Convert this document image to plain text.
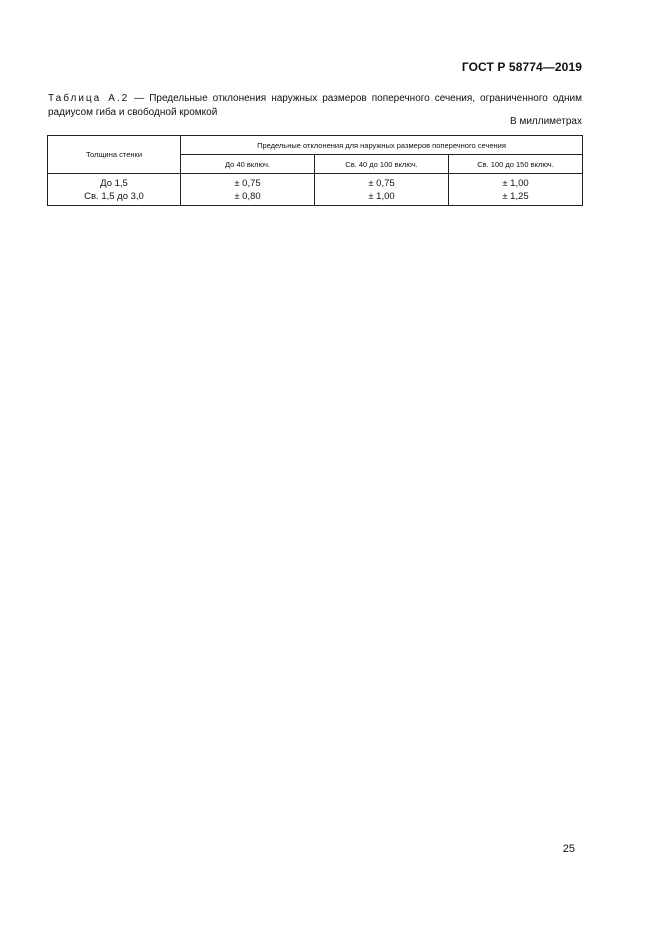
ГОСТ Р 58774—2019
Таблица А.2 — Предельные отклонения наружных размеров поперечного сечения, ограниченного одним радиусом гиба и свободной кромкой
В миллиметрах
Толщина стенки	Предельные отклонения для наружных размеров поперечного сечения		
	До 40 включ.	Св. 40 до 100 включ.	Св. 100 до 150 включ.
До 1,5	± 0,75	± 0,75	± 1,00
Св. 1,5 до 3,0	± 0,80	± 1,00	± 1,25
25
